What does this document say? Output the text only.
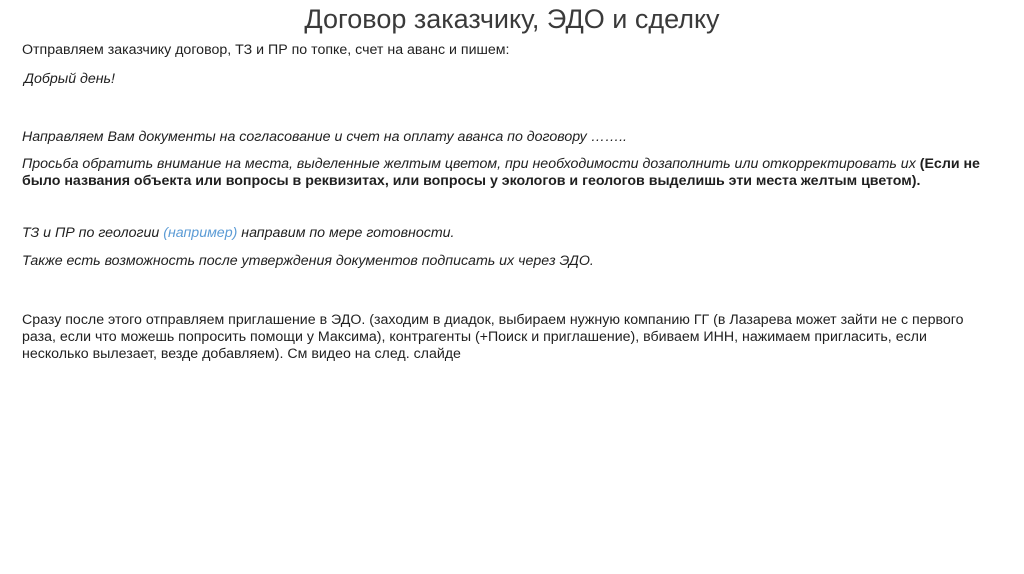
Договор заказчику, ЭДО и сделку

Отправляем заказчику договор, ТЗ и ПР по топке, счет на аванс и пишем:

Добрый день!

Направляем Вам документы на согласование и счет на оплату аванса по договору ……..

Просьба обратить внимание на места, выделенные желтым цветом, при необходимости дозаполнить или откорректировать их (Если не было названия объекта или вопросы в реквизитах, или вопросы у экологов и геологов выделишь эти места желтым цветом).

ТЗ и ПР по геологии (например) направим по мере готовности.

Также есть возможность после утверждения документов подписать их через ЭДО.

Сразу после этого отправляем приглашение в ЭДО. (заходим в диадок, выбираем нужную компанию ГГ (в Лазарева может зайти не с первого раза, если что можешь попросить помощи у Максима), контрагенты (+Поиск и приглашение), вбиваем ИНН, нажимаем пригласить, если несколько вылезает, везде добавляем). См видео на след. слайде
